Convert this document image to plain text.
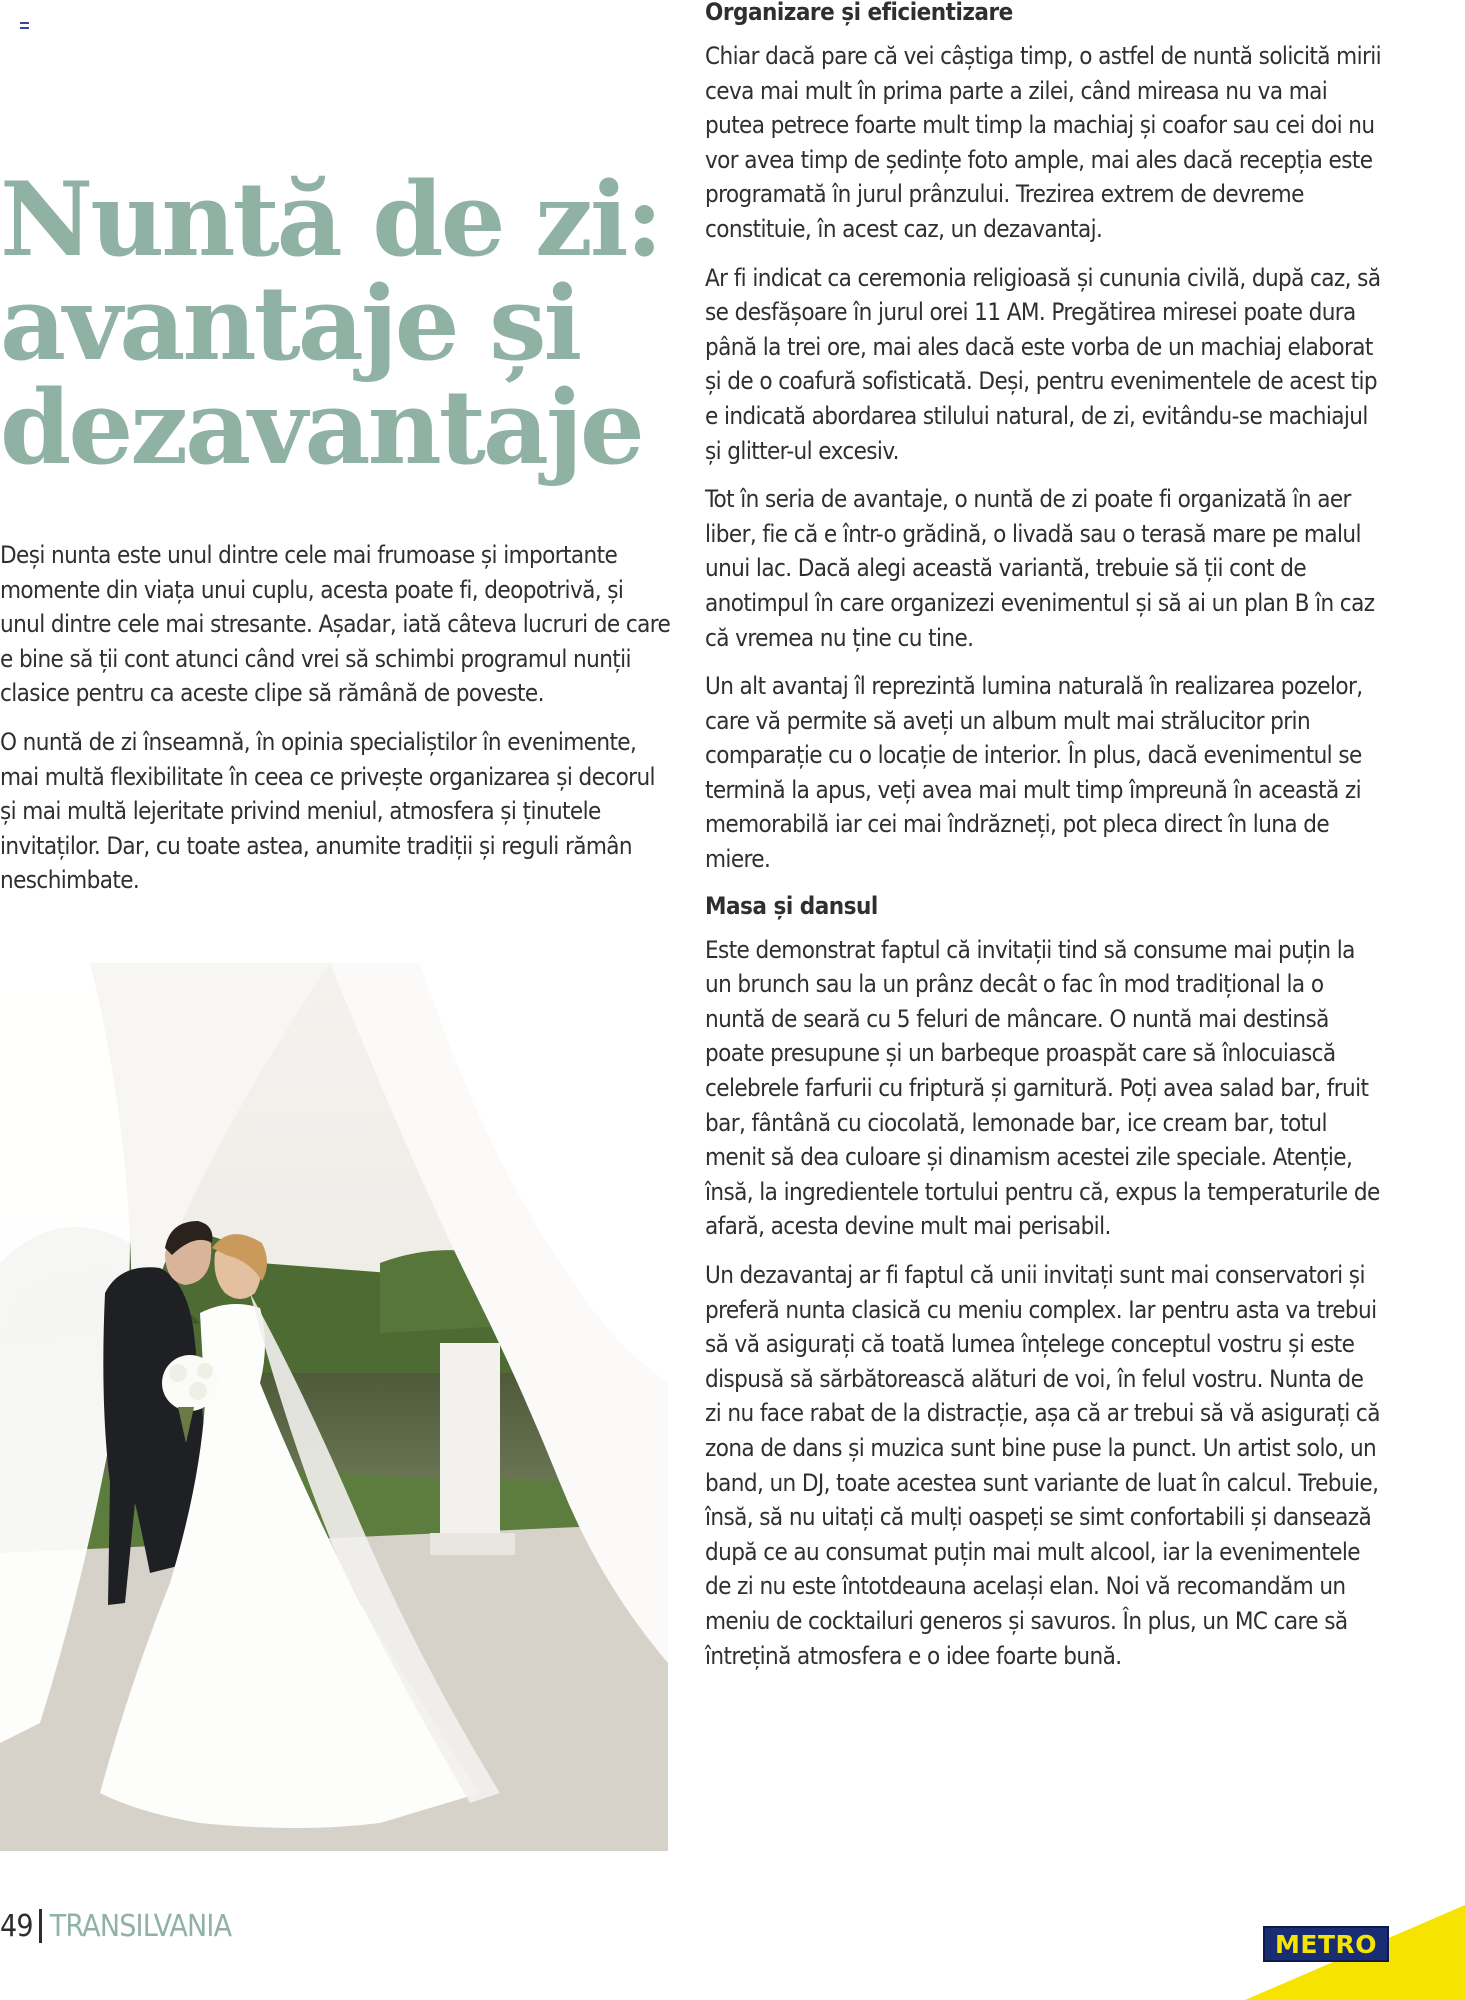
Nuntă de zi:
avantaje și
dezavantaje

Deși nunta este unul dintre cele mai frumoase și importante momente din viața unui cuplu, acesta poate fi, deopotrivă, și unul dintre cele mai stresante. Așadar, iată câteva lucruri de care e bine să ții cont atunci când vrei să schimbi programul nunții clasice pentru ca aceste clipe să rămână de poveste.

O nuntă de zi înseamnă, în opinia specialiștilor în evenimente, mai multă flexibilitate în ceea ce privește organizarea și decorul și mai multă lejeritate privind meniul, atmosfera și ținutele invitaților. Dar, cu toate astea, anumite tradiții și reguli rămân neschimbate.

Organizare și eficientizare

Chiar dacă pare că vei câștiga timp, o astfel de nuntă solicită mirii ceva mai mult în prima parte a zilei, când mireasa nu va mai putea petrece foarte mult timp la machiaj și coafor sau cei doi nu vor avea timp de ședințe foto ample, mai ales dacă recepția este programată în jurul prânzului. Trezirea extrem de devreme constituie, în acest caz, un dezavantaj.

Ar fi indicat ca ceremonia religioasă și cununia civilă, după caz, să se desfășoare în jurul orei 11 AM. Pregătirea miresei poate dura până la trei ore, mai ales dacă este vorba de un machiaj elaborat și de o coafură sofisticată. Deși, pentru evenimentele de acest tip e indicată abordarea stilului natural, de zi, evitându-se machiajul și glitter-ul excesiv.

Tot în seria de avantaje, o nuntă de zi poate fi organizată în aer liber, fie că e într-o grădină, o livadă sau o terasă mare pe malul unui lac. Dacă alegi această variantă, trebuie să ții cont de anotimpul în care organizezi evenimentul și să ai un plan B în caz că vremea nu ține cu tine.

Un alt avantaj îl reprezintă lumina naturală în realizarea pozelor, care vă permite să aveți un album mult mai strălucitor prin comparație cu o locație de interior. În plus, dacă evenimentul se termină la apus, veți avea mai mult timp împreună în această zi memorabilă iar cei mai îndrăzneți, pot pleca direct în luna de miere.

Masa și dansul

Este demonstrat faptul că invitații tind să consume mai puțin la un brunch sau la un prânz decât o fac în mod tradițional la o nuntă de seară cu 5 feluri de mâncare. O nuntă mai destinsă poate presupune și un barbeque proaspăt care să înlocuiască celebrele farfurii cu friptură și garnitură. Poți avea salad bar, fruit bar, fântână cu ciocolată, lemonade bar, ice cream bar, totul menit să dea culoare și dinamism acestei zile speciale. Atenție, însă, la ingredientele tortului pentru că, expus la temperaturile de afară, acesta devine mult mai perisabil.

Un dezavantaj ar fi faptul că unii invitați sunt mai conservatori și preferă nunta clasică cu meniu complex. Iar pentru asta va trebui să vă asigurați că toată lumea înțelege conceptul vostru și este dispusă să sărbătorească alături de voi, în felul vostru. Nunta de zi nu face rabat de la distracție, așa că ar trebui să vă asigurați că zona de dans și muzica sunt bine puse la punct. Un artist solo, un band, un DJ, toate acestea sunt variante de luat în calcul. Trebuie, însă, să nu uitați că mulți oaspeți se simt confortabili și dansează după ce au consumat puțin mai mult alcool, iar la evenimentele de zi nu este întotdeauna același elan. Noi vă recomandăm un meniu de cocktailuri generos și savuros. În plus, un MC care să întrețină atmosfera e o idee foarte bună.

49 TRANSILVANIA
METRO
